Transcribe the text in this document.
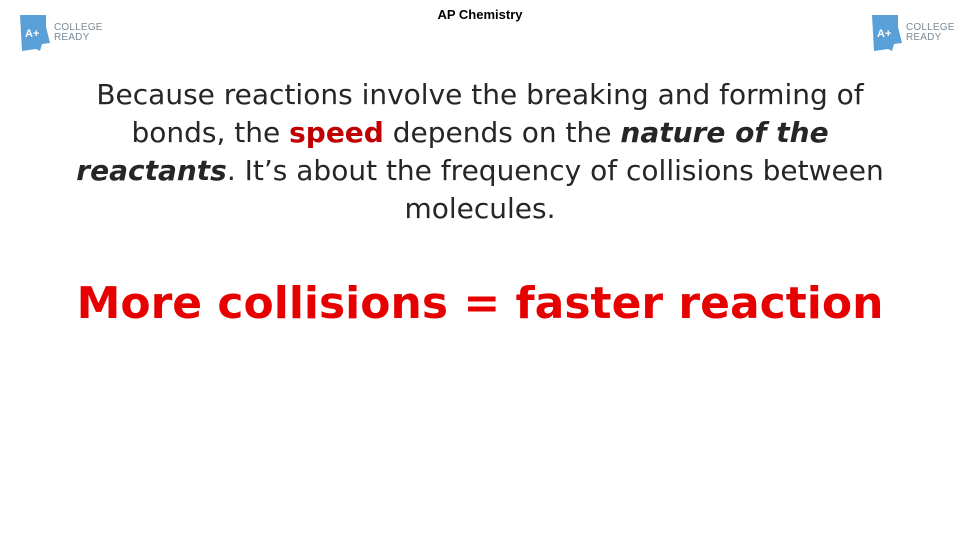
A+
COLLEGE
READY
AP Chemistry
A+
COLLEGE
READY
Because reactions involve the breaking and forming of bonds, the speed depends on the nature of the reactants. It’s about the frequency of collisions between molecules.
More collisions = faster reaction
